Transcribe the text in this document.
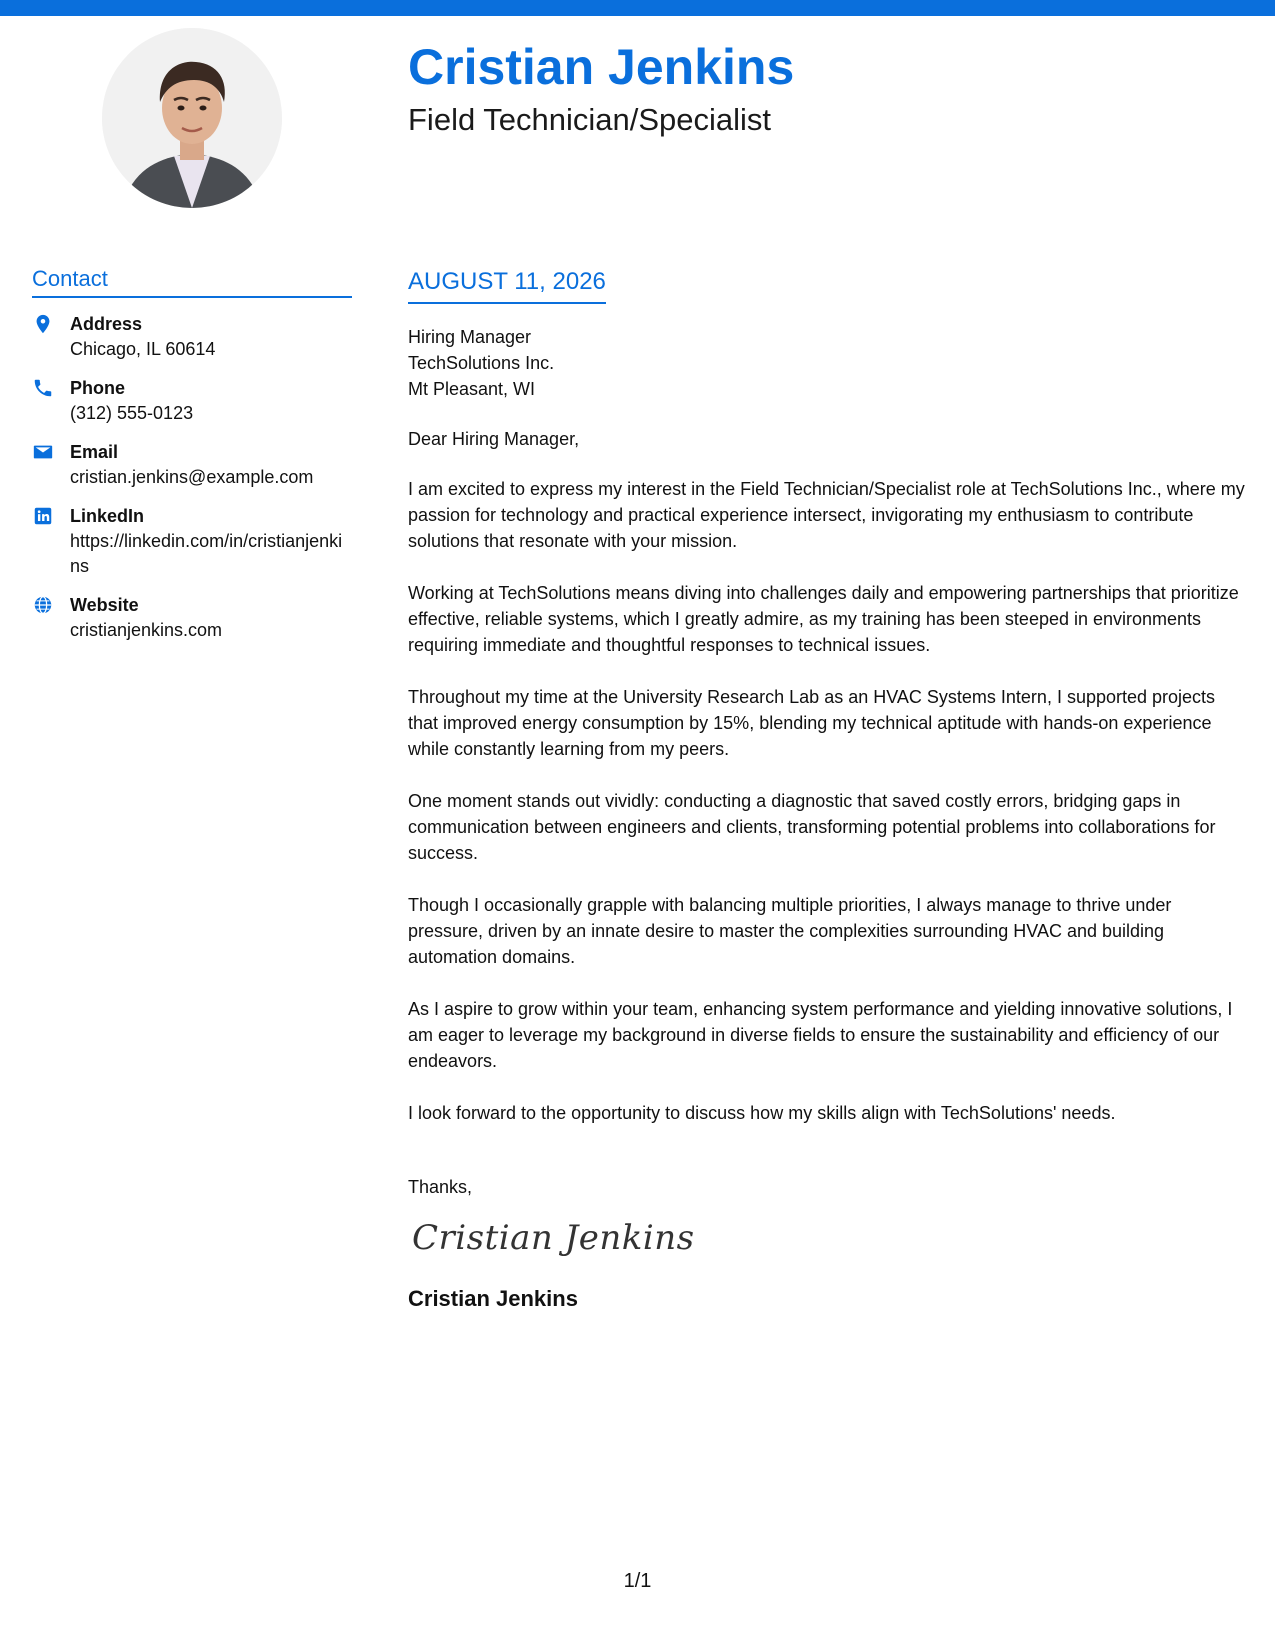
Cristian Jenkins
Field Technician/Specialist
Contact
Address
Chicago, IL 60614
Phone
(312) 555-0123
Email
cristian.jenkins@example.com
LinkedIn
https://linkedin.com/in/cristianjenkins
Website
cristianjenkins.com
AUGUST 11, 2026
Hiring Manager
TechSolutions Inc.
Mt Pleasant, WI
Dear Hiring Manager,

I am excited to express my interest in the Field Technician/Specialist role at TechSolutions Inc., where my passion for technology and practical experience intersect, invigorating my enthusiasm to contribute solutions that resonate with your mission.

Working at TechSolutions means diving into challenges daily and empowering partnerships that prioritize effective, reliable systems, which I greatly admire, as my training has been steeped in environments requiring immediate and thoughtful responses to technical issues.

Throughout my time at the University Research Lab as an HVAC Systems Intern, I supported projects that improved energy consumption by 15%, blending my technical aptitude with hands-on experience while constantly learning from my peers.

One moment stands out vividly: conducting a diagnostic that saved costly errors, bridging gaps in communication between engineers and clients, transforming potential problems into collaborations for success.

Though I occasionally grapple with balancing multiple priorities, I always manage to thrive under pressure, driven by an innate desire to master the complexities surrounding HVAC and building automation domains.

As I aspire to grow within your team, enhancing system performance and yielding innovative solutions, I am eager to leverage my background in diverse fields to ensure the sustainability and efficiency of our endeavors.

I look forward to the opportunity to discuss how my skills align with TechSolutions' needs.

Thanks,
Cristian Jenkins
Cristian Jenkins
1/1
